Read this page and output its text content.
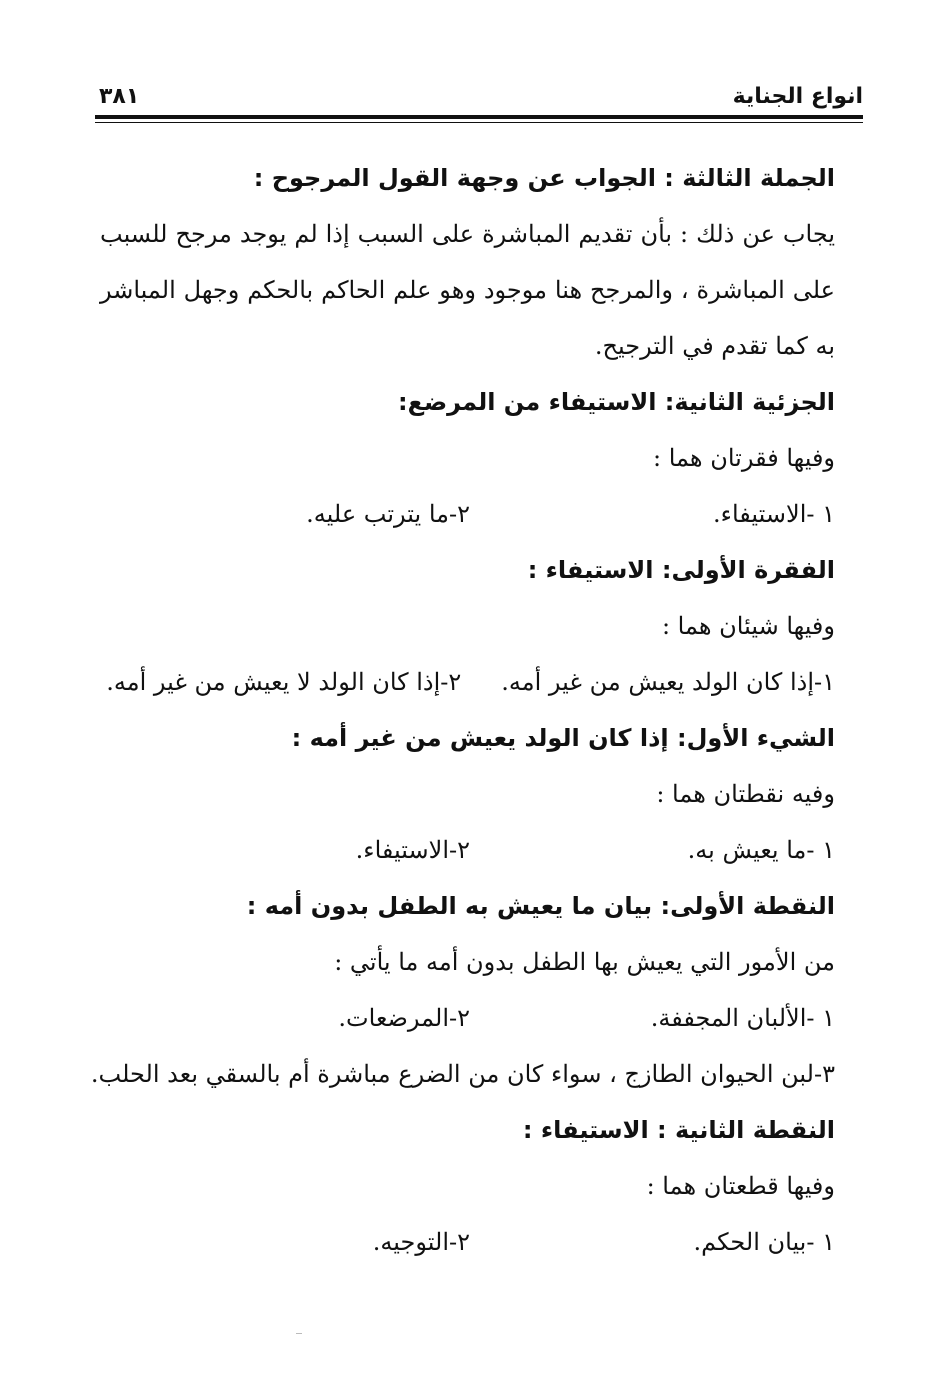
انواع الجناية
٣٨١
الجملة الثالثة : الجواب عن وجهة القول المرجوح :
يجاب عن ذلك : بأن تقديم المباشرة على السبب إذا لم يوجد مرجح للسبب على المباشرة ، والمرجح هنا موجود وهو علم الحاكم بالحكم وجهل المباشر به كما تقدم في الترجيح.
الجزئية الثانية: الاستيفاء من المرضع:
وفيها فقرتان هما :
١ -الاستيفاء.
٢-ما يترتب عليه.
الفقرة الأولى: الاستيفاء :
وفيها شيئان هما :
١-إذا كان الولد يعيش من غير أمه.
٢-إذا كان الولد لا يعيش من غير أمه.
الشيء الأول: إذا كان الولد يعيش من غير أمه :
وفيه نقطتان هما :
١ -ما يعيش به.
٢-الاستيفاء.
النقطة الأولى: بيان ما يعيش به الطفل بدون أمه :
من الأمور التي يعيش بها الطفل بدون أمه ما يأتي :
١ -الألبان المجففة.
٢-المرضعات.
٣-لبن الحيوان الطازج ، سواء كان من الضرع مباشرة أم بالسقي بعد الحلب.
النقطة الثانية : الاستيفاء :
وفيها قطعتان هما :
١ -بيان الحكم.
٢-التوجيه.
